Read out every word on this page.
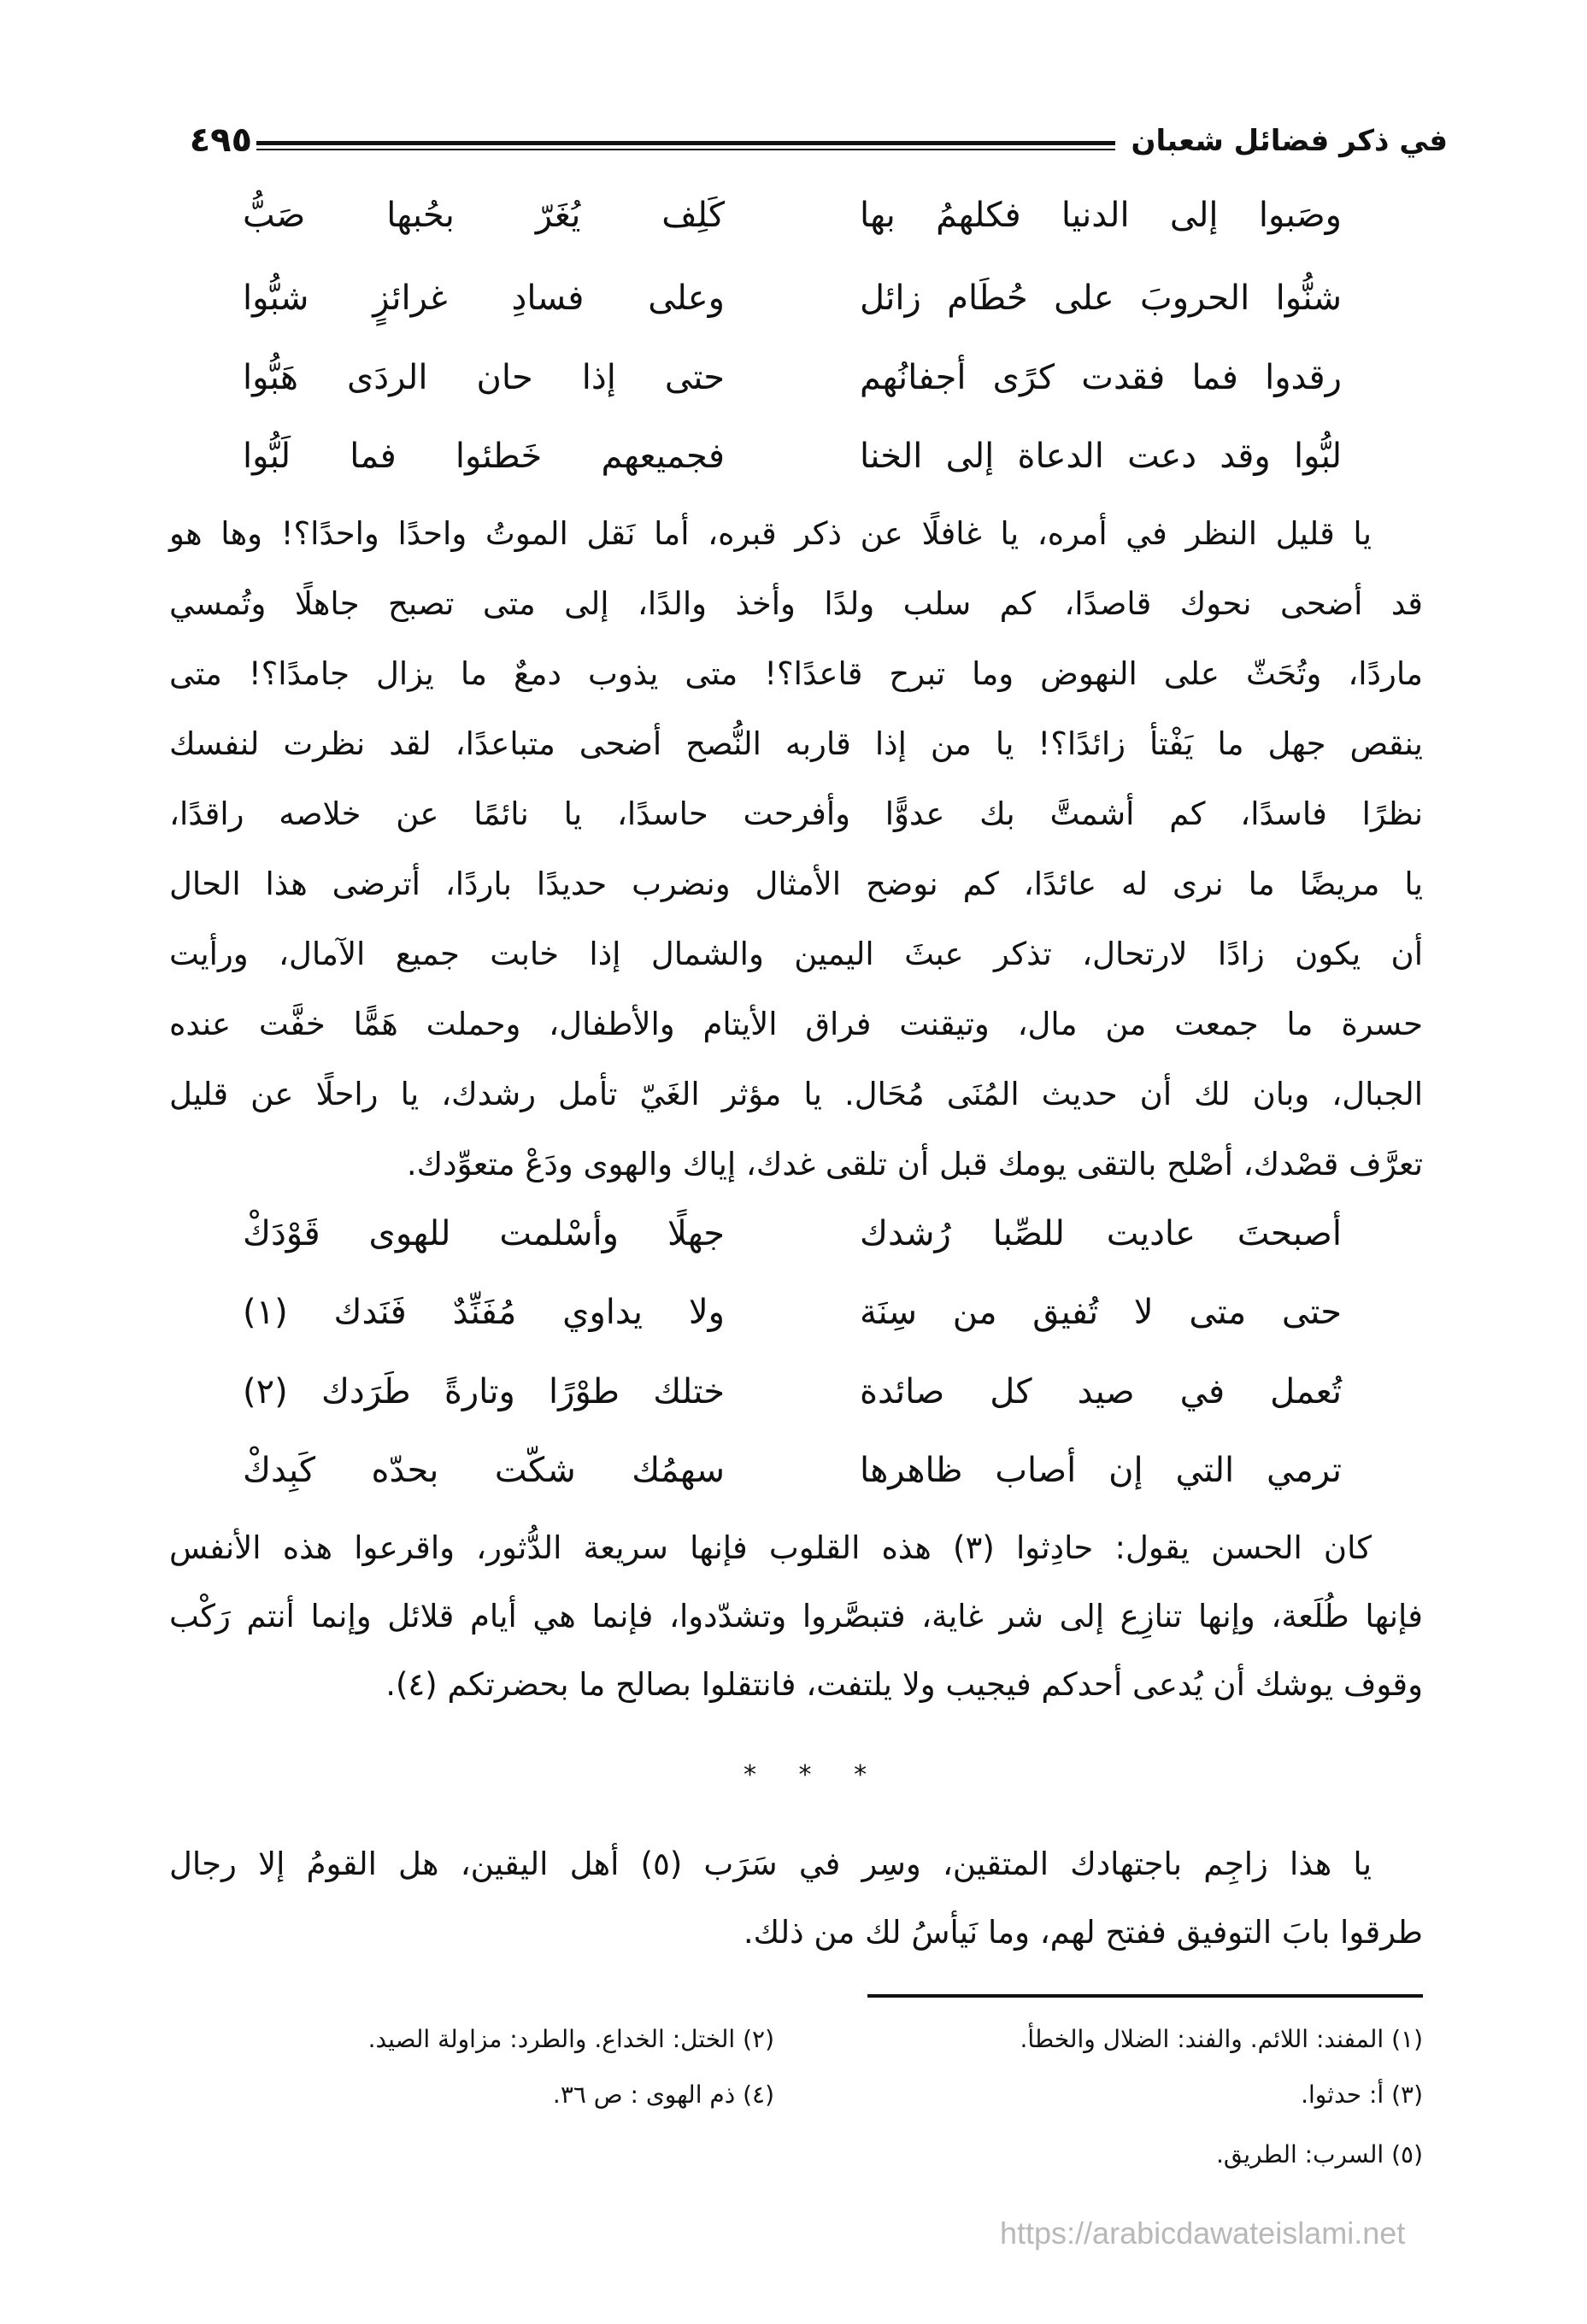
في ذكر فضائل شعبان
٤٩٥
وصَبوا إلى الدنيا فكلهمُ بها
كَلِف يُغَرّ بحُبها صَبُّ
شنُّوا الحروبَ على حُطَام زائل
وعلى فسادِ غرائزٍ شبُّوا
رقدوا فما فقدت كرًى أجفانُهم
حتى إذا حان الردَى هَبُّوا
لبُّوا وقد دعت الدعاة إلى الخنا
فجميعهم خَطئوا فما لَبُّوا
يا قليل النظر في أمره، يا غافلًا عن ذكر قبره، أما نَقل الموتُ واحدًا واحدًا؟! وها هو
قد أضحى نحوك قاصدًا، كم سلب ولدًا وأخذ والدًا، إلى متى تصبح جاهلًا وتُمسي
ماردًا، وتُحَثّ على النهوض وما تبرح قاعدًا؟! متى يذوب دمعٌ ما يزال جامدًا؟! متى
ينقص جهل ما يَفْتأ زائدًا؟! يا من إذا قاربه النُّصح أضحى متباعدًا، لقد نظرت لنفسك
نظرًا فاسدًا، كم أشمتَّ بك عدوًّا وأفرحت حاسدًا، يا نائمًا عن خلاصه راقدًا،
يا مريضًا ما نرى له عائدًا، كم نوضح الأمثال ونضرب حديدًا باردًا، أترضى هذا الحال
أن يكون زادًا لارتحال، تذكر عبثَ اليمين والشمال إذا خابت جميع الآمال، ورأيت
حسرة ما جمعت من مال، وتيقنت فراق الأيتام والأطفال، وحملت هَمًّا خفَّت عنده
الجبال، وبان لك أن حديث المُنَى مُحَال. يا مؤثر الغَيّ تأمل رشدك، يا راحلًا عن قليل
تعرَّف قصْدك، أصْلح بالتقى يومك قبل أن تلقى غدك، إياك والهوى ودَعْ متعوِّدك.
أصبحتَ عاديت للصِّبا رُشدك
جهلًا وأسْلمت للهوى قَوْدَكْ
حتى متى لا تُفيق من سِنَة
ولا يداوي مُفَنِّدٌ فَنَدك (١)
تُعمل في صيد كل صائدة
ختلك طوْرًا وتارةً طَرَدك (٢)
ترمي التي إن أصاب ظاهرها
سهمُك شكّت بحدّه كَبِدكْ
كان الحسن يقول: حادِثوا (٣) هذه القلوب فإنها سريعة الدُّثور، واقرعوا هذه الأنفس
فإنها طُلَعة، وإنها تنازِع إلى شر غاية، فتبصَّروا وتشدّدوا، فإنما هي أيام قلائل وإنما أنتم رَكْب
وقوف يوشك أن يُدعى أحدكم فيجيب ولا يلتفت، فانتقلوا بصالح ما بحضرتكم (٤).
* * *
يا هذا زاجِم باجتهادك المتقين، وسِر في سَرَب (٥) أهل اليقين، هل القومُ إلا رجال
طرقوا بابَ التوفيق ففتح لهم، وما نَيأسُ لك من ذلك.
(١) المفند: اللائم. والفند: الضلال والخطأ.
(٢) الختل: الخداع. والطرد: مزاولة الصيد.
(٣) أ: حدثوا.
(٤) ذم الهوى : ص ٣٦.
(٥) السرب: الطريق.
https://arabicdawateislami.net
